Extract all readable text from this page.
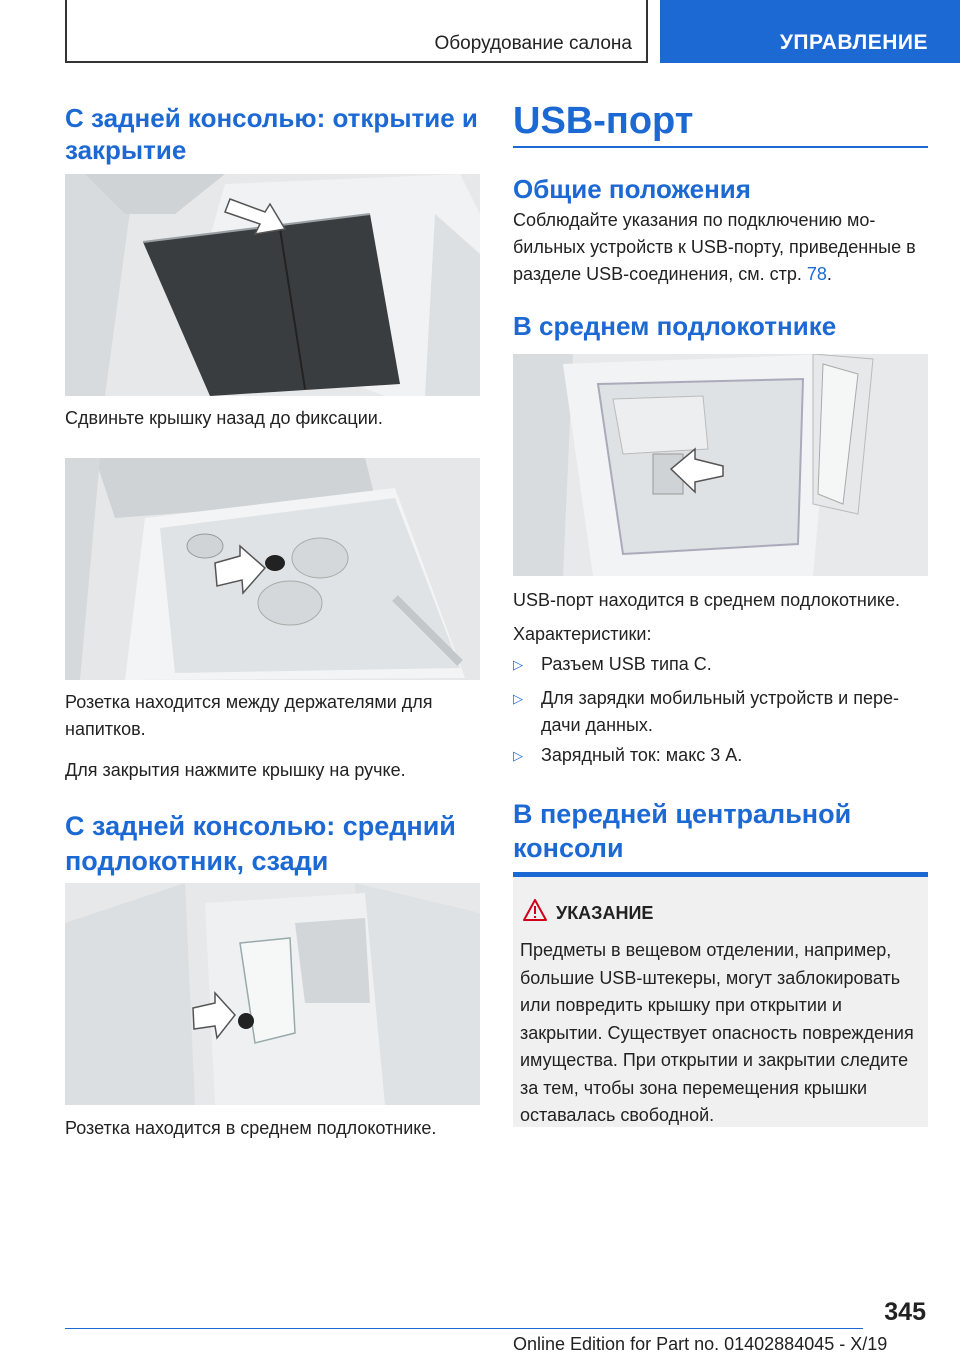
Оборудование салона	УПРАВЛЕНИЕ
С задней консолью: открытие и закрытие

Сдвиньте крышку назад до фиксации.

Розетка находится между держателями для напитков.

Для закрытия нажмите крышку на ручке.

С задней консолью: средний подлокотник, сзади

Розетка находится в среднем подлокотнике.

USB-порт
Общие положения

Соблюдайте указания по подключению мобильных устройств к USB-порту, приведенные в разделе USB-соединения, см. стр. 78.

В среднем подлокотнике

USB-порт находится в среднем подлокотнике.

Характеристики:

▷ Разъем USB типа C.
▷ Для зарядки мобильный устройств и передачи данных.
▷ Зарядный ток: макс 3 A.
В передней центральной консоли
УКАЗАНИЕ
Предметы в вещевом отделении, например, большие USB-штекеры, могут заблокировать или повредить крышку при открытии и закрытии. Существует опасность повреждения имущества. При открытии и закрытии следите за тем, чтобы зона перемещения крышки оставалась свободной.
345
Online Edition for Part no. 01402884045 - X/19
